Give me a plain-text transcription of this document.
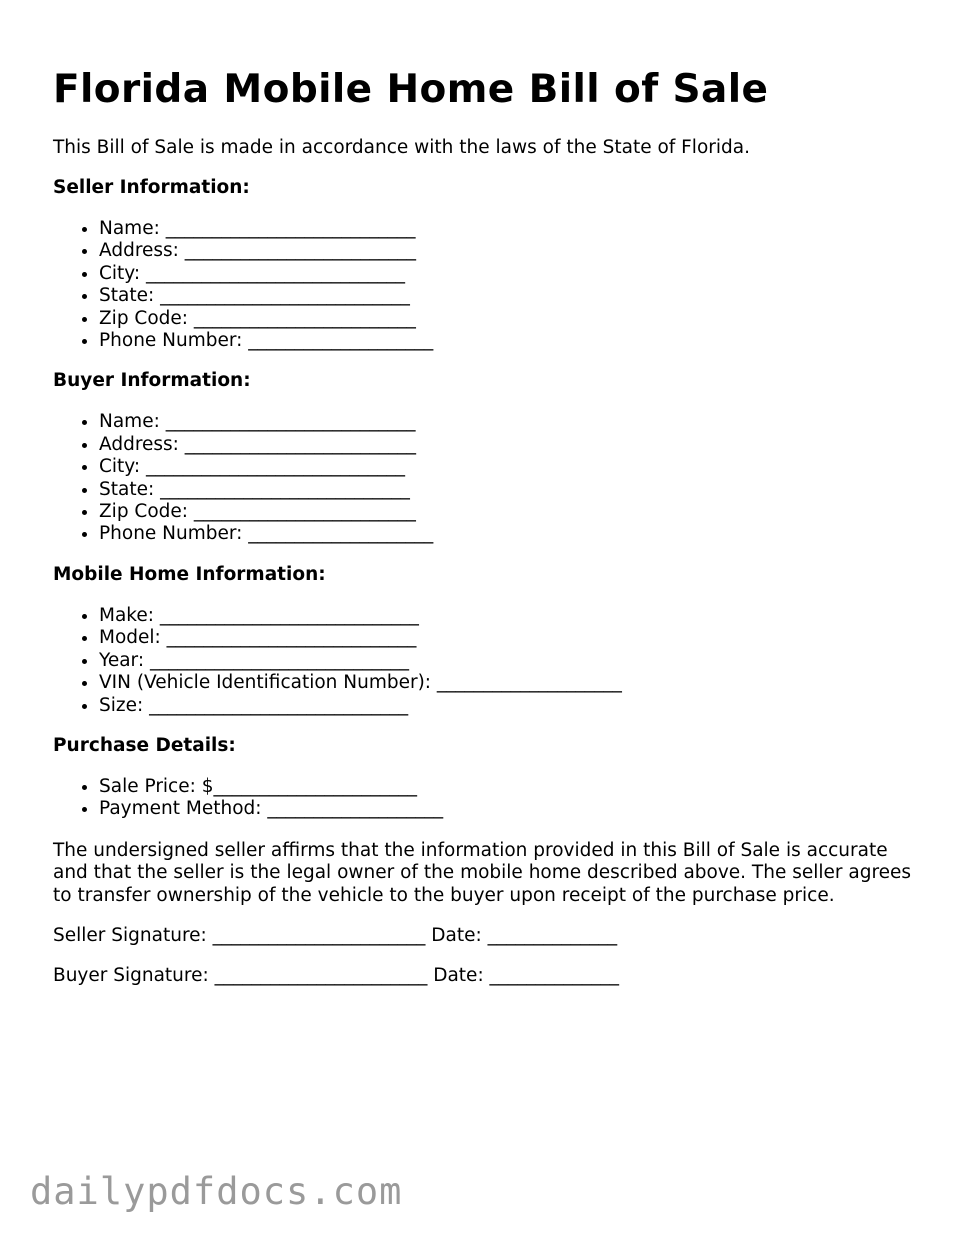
Florida Mobile Home Bill of Sale

This Bill of Sale is made in accordance with the laws of the State of Florida.

Seller Information:
• Name: ___________________________
• Address: _________________________
• City: ____________________________
• State: ___________________________
• Zip Code: ________________________
• Phone Number: ____________________
Buyer Information:
• Name: ___________________________
• Address: _________________________
• City: ____________________________
• State: ___________________________
• Zip Code: ________________________
• Phone Number: ____________________
Mobile Home Information:
• Make: ____________________________
• Model: ___________________________
• Year: ____________________________
• VIN (Vehicle Identification Number): ____________________
• Size: ____________________________
Purchase Details:
• Sale Price: $______________________
• Payment Method: ___________________

The undersigned seller affirms that the information provided in this Bill of Sale is accurate and that the seller is the legal owner of the mobile home described above. The seller agrees to transfer ownership of the vehicle to the buyer upon receipt of the purchase price.

Seller Signature: _______________________ Date: ______________

Buyer Signature: _______________________ Date: ______________

dailypdfdocs.com
